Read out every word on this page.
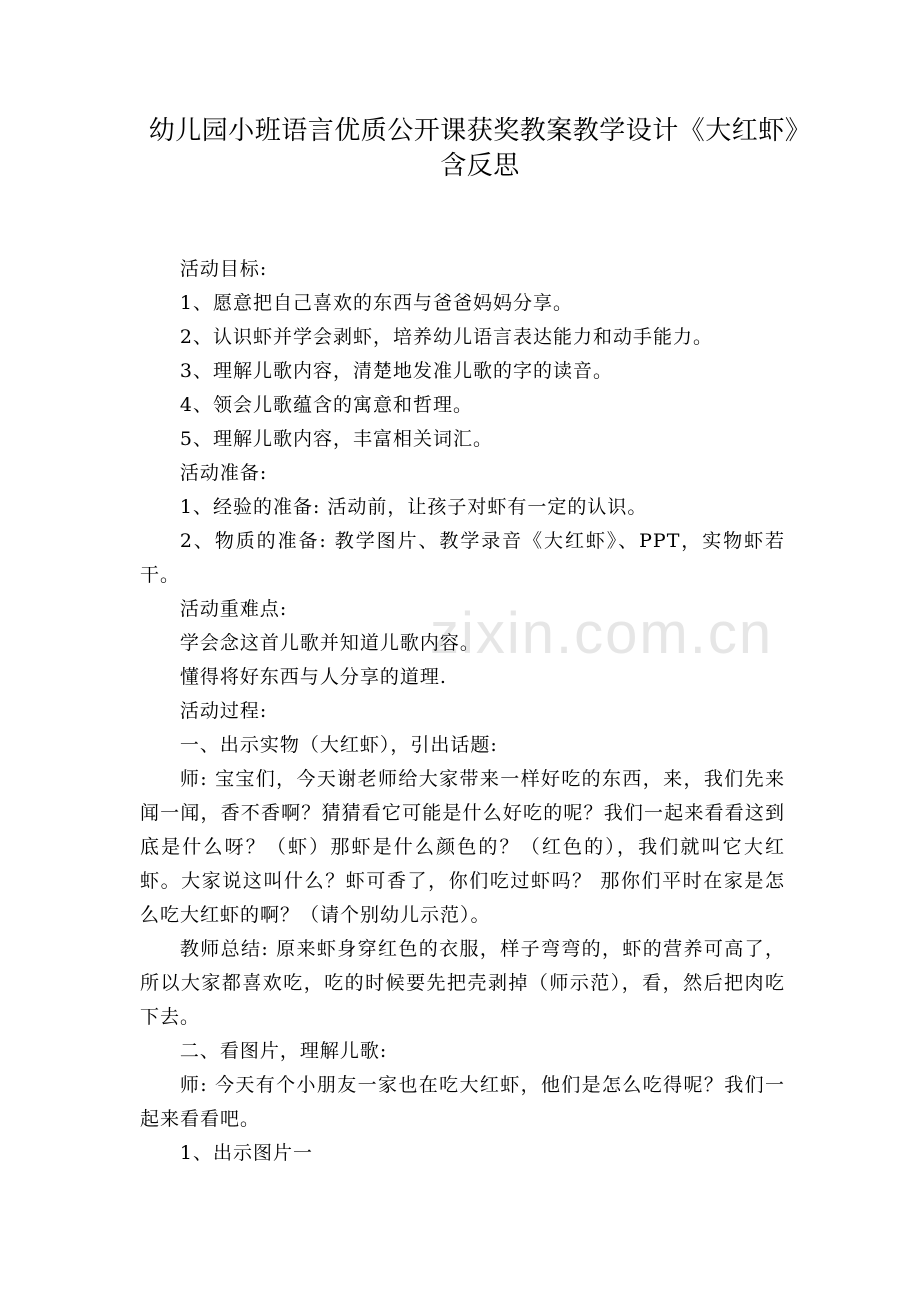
幼儿园小班语言优质公开课获奖教案教学设计《大红虾》
含反思
zixin.com.cn

活动目标:

1、愿意把自己喜欢的东西与爸爸妈妈分享。

2、认识虾并学会剥虾，培养幼儿语言表达能力和动手能力。

3、理解儿歌内容，清楚地发准儿歌的字的读音。

4、领会儿歌蕴含的寓意和哲理。

5、理解儿歌内容，丰富相关词汇。

活动准备:

1、经验的准备: 活动前，让孩子对虾有一定的认识。

2、物质的准备: 教学图片、教学录音《大红虾》、PPT，实物虾若干。

活动重难点:

学会念这首儿歌并知道儿歌内容。

懂得将好东西与人分享的道理.

活动过程:

一、出示实物（大红虾），引出话题:

师: 宝宝们，今天谢老师给大家带来一样好吃的东西，来，我们先来闻一闻，香不香啊？猜猜看它可能是什么好吃的呢？我们一起来看看这到底是什么呀？（虾）那虾是什么颜色的？（红色的），我们就叫它大红虾。大家说这叫什么？虾可香了，你们吃过虾吗？ 那你们平时在家是怎么吃大红虾的啊？（请个别幼儿示范）。

教师总结: 原来虾身穿红色的衣服，样子弯弯的，虾的营养可高了，所以大家都喜欢吃，吃的时候要先把壳剥掉（师示范），看，然后把肉吃下去。

二、看图片，理解儿歌:

师: 今天有个小朋友一家也在吃大红虾，他们是怎么吃得呢？我们一起来看看吧。

1、出示图片一
